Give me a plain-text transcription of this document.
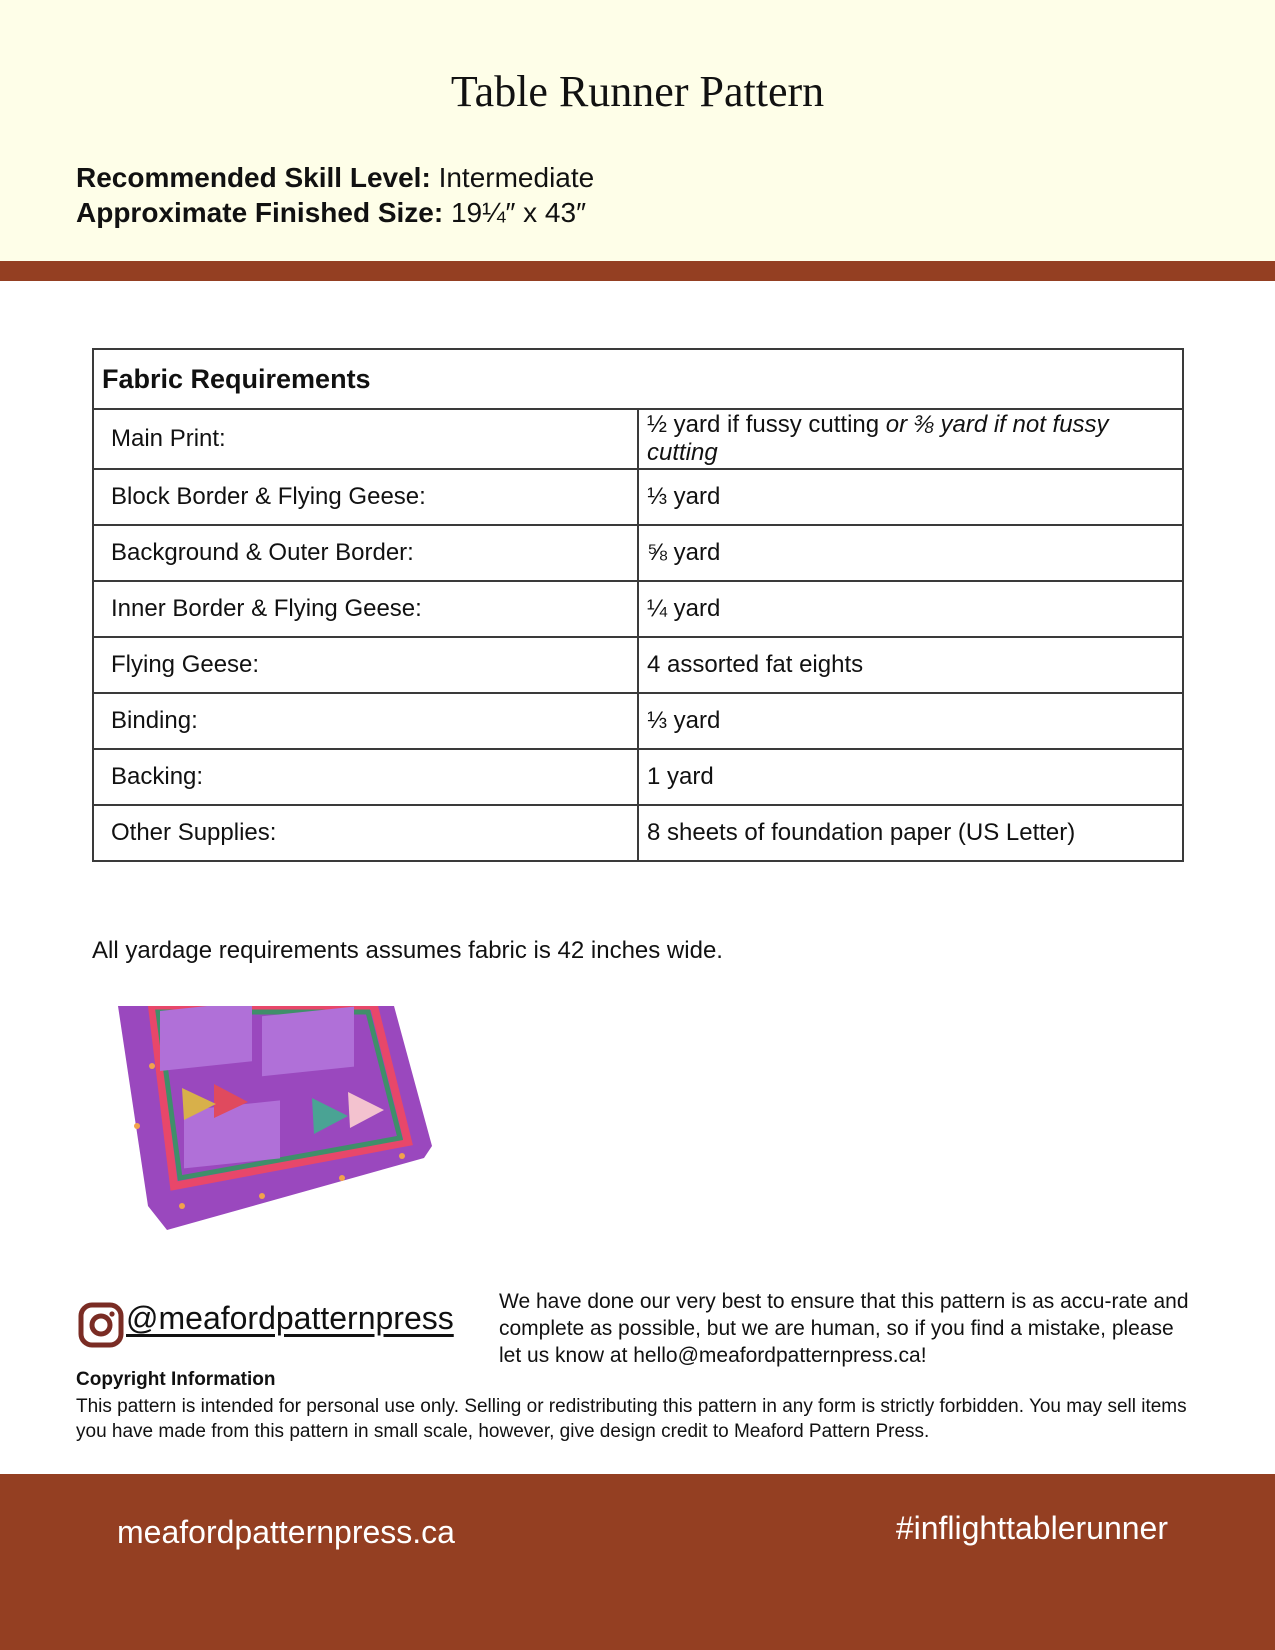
Table Runner Pattern
Recommended Skill Level: Intermediate
Approximate Finished Size: 19¼″ x 43″
Fabric Requirements	
Main Print:	½ yard if fussy cutting or ⅜ yard if not fussy cutting
Block Border & Flying Geese:	⅓ yard
Background & Outer Border:	⅝ yard
Inner Border & Flying Geese:	¼ yard
Flying Geese:	4 assorted fat eights
Binding:	⅓ yard
Backing:	1 yard
Other Supplies:	8 sheets of foundation paper (US Letter)
All yardage requirements assumes fabric is 42 inches wide.
@meafordpatternpress We have done our very best to ensure that this pattern is as accu-rate and complete as possible, but we are human, so if you find a mistake, please let us know at hello@meafordpatternpress.ca!
Copyright Information
This pattern is intended for personal use only. Selling or redistributing this pattern in any form is strictly forbidden. You may sell items you have made from this pattern in small scale, however, give design credit to Meaford Pattern Press.
meafordpatternpress.ca	#inflighttablerunner
